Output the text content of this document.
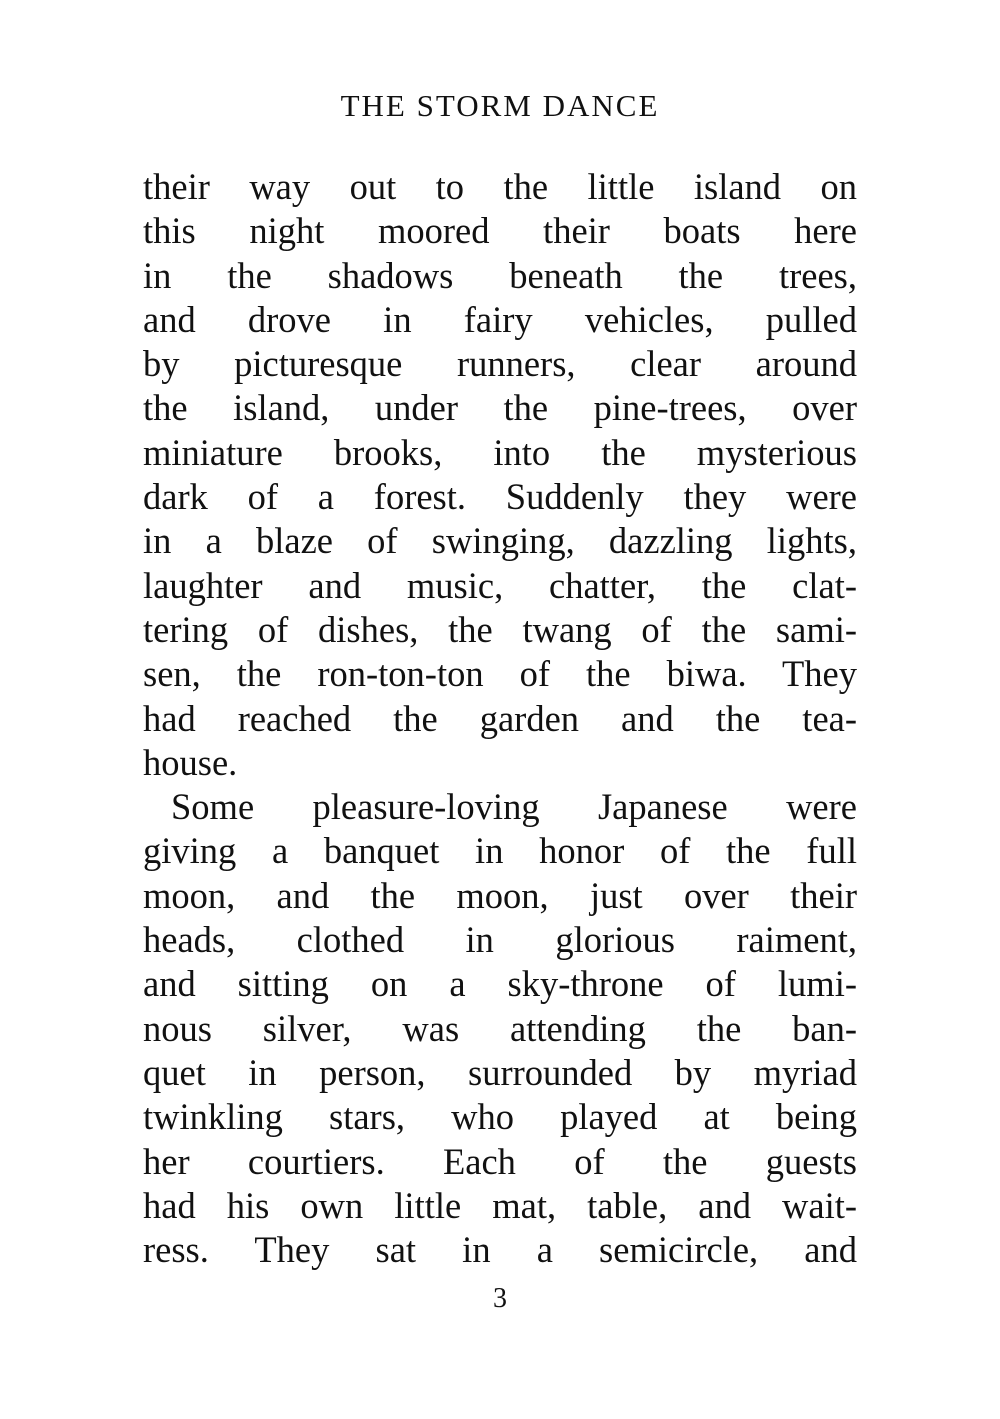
THE STORM DANCE
their way out to the little island on
this night moored their boats here
in the shadows beneath the trees,
and drove in fairy vehicles, pulled
by picturesque runners, clear around
the island, under the pine-trees, over
miniature brooks, into the mysterious
dark of a forest. Suddenly they were
in a blaze of swinging, dazzling lights,
laughter and music, chatter, the clat-
tering of dishes, the twang of the sami-
sen, the ron-ton-ton of the biwa. They
had reached the garden and the tea-
house.
Some pleasure-loving Japanese were
giving a banquet in honor of the full
moon, and the moon, just over their
heads, clothed in glorious raiment,
and sitting on a sky-throne of lumi-
nous silver, was attending the ban-
quet in person, surrounded by myriad
twinkling stars, who played at being
her courtiers. Each of the guests
had his own little mat, table, and wait-
ress. They sat in a semicircle, and
3
